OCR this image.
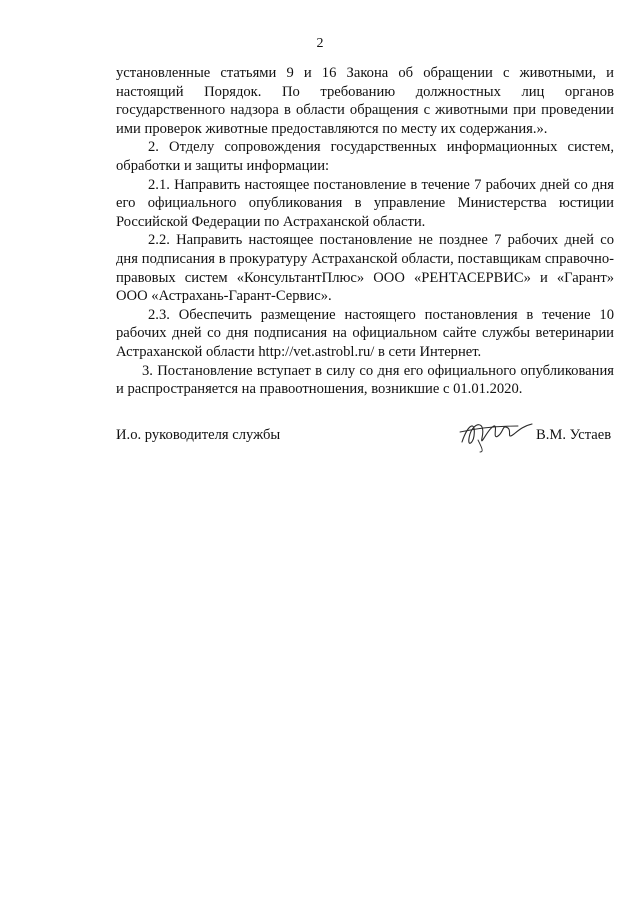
2

установленные статьями 9 и 16 Закона об обращении с животными, и настоящий Порядок. По требованию должностных лиц органов государственного надзора в области обращения с животными при проведении ими проверок животные предоставляются по месту их содержания.».

2. Отделу сопровождения государственных информационных систем, обработки и защиты информации:

2.1. Направить настоящее постановление в течение 7 рабочих дней со дня его официального опубликования в управление Министерства юстиции Российской Федерации по Астраханской области.

2.2. Направить настоящее постановление не позднее 7 рабочих дней со дня подписания в прокуратуру Астраханской области, поставщикам справочно-правовых систем «КонсультантПлюс» ООО «РЕНТАСЕРВИС» и «Гарант» ООО «Астрахань-Гарант-Сервис».

2.3. Обеспечить размещение настоящего постановления в течение 10 рабочих дней со дня подписания на официальном сайте службы ветеринарии Астраханской области http://vet.astrobl.ru/ в сети Интернет.

3. Постановление вступает в силу со дня его официального опубликования и распространяется на правоотношения, возникшие с 01.01.2020.

И.о. руководителя службы	В.М. Устаев
